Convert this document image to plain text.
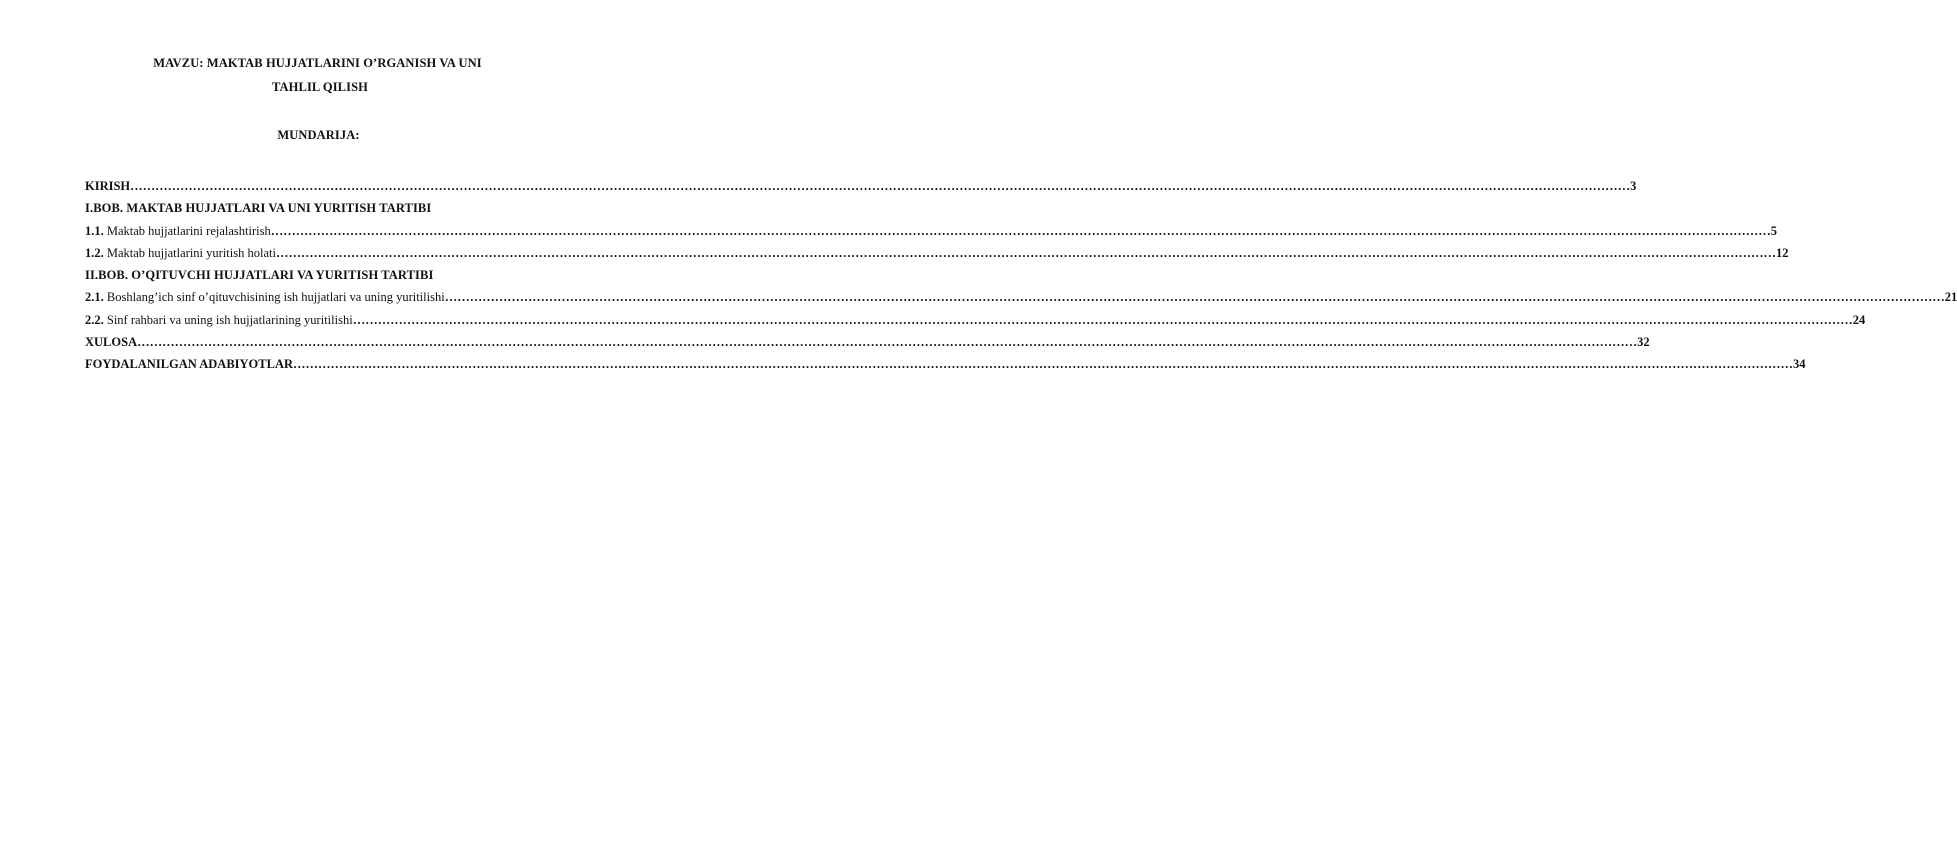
MAVZU: MAKTAB HUJJATLARINI O’RGANISH VA UNI
TAHLIL QILISH
MUNDARIJA:
KIRISH ……………………………………………………………………………………………………………………………………………………………………………………………………………………………………………………………………………………………………………………………… 3
I.BOB. MAKTAB HUJJATLARI VA UNI YURITISH TARTIBI
1.1. Maktab hujjatlarini rejalashtirish ……………………………………………………………………………………………………………………………………………………………………………………………………………………………………………………………………………………………………………………………… 5
1.2. Maktab hujjatlarini yuritish holati ……………………………………………………………………………………………………………………………………………………………………………………………………………………………………………………………………………………………………………………………… 12
II.BOB. O’QITUVCHI HUJJATLARI VA YURITISH TARTIBI
2.1. Boshlang’ich sinf o’qituvchisining ish hujjatlari va uning yuritilishi ……………………………………………………………………………………………………………………………………………………………………………………………………………………………………………………………………………………………………………………………… 21
2.2. Sinf rahbari va uning ish hujjatlarining yuritilishi ……………………………………………………………………………………………………………………………………………………………………………………………………………………………………………………………………………………………………………………………… 24
XULOSA ……………………………………………………………………………………………………………………………………………………………………………………………………………………………………………………………………………………………………………………………… 32
FOYDALANILGAN ADABIYOTLAR ……………………………………………………………………………………………………………………………………………………………………………………………………………………………………………………………………………………………………………………………… 34
